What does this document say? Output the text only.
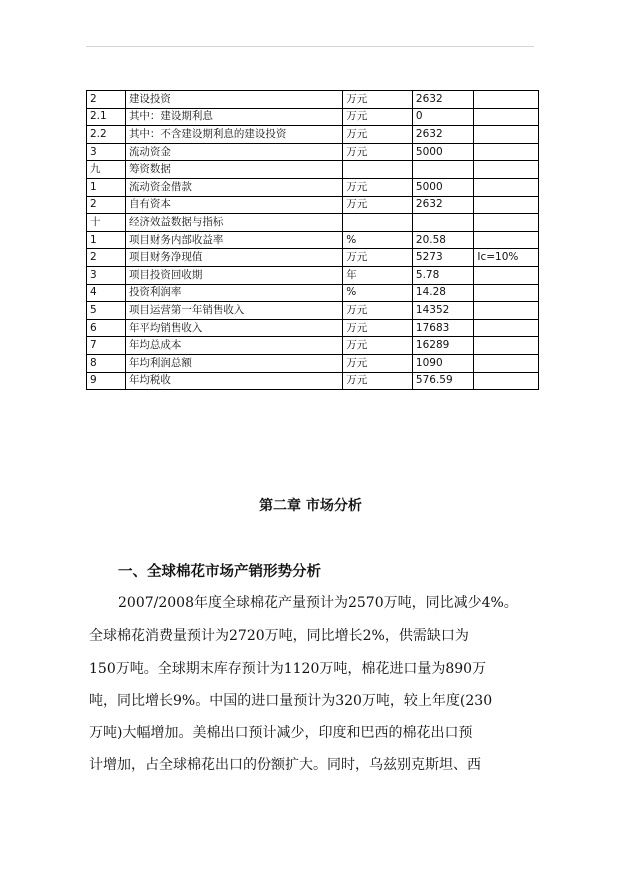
2	建设投资	万元	2632	
2.1	其中：建设期利息	万元	0	
2.2	其中：不含建设期利息的建设投资	万元	2632	
3	流动资金	万元	5000	
九	筹资数据			
1	流动资金借款	万元	5000	
2	自有资本	万元	2632	
十	经济效益数据与指标			
1	项目财务内部收益率	%	20.58	
2	项目财务净现值	万元	5273	Ic=10%
3	项目投资回收期	年	5.78	
4	投资利润率	%	14.28	
5	项目运营第一年销售收入	万元	14352	
6	年平均销售收入	万元	17683	
7	年均总成本	万元	16289	
8	年均利润总额	万元	1090	
9	年均税收	万元	576.59	
第二章 市场分析
一、全球棉花市场产销形势分析
2007/2008年度全球棉花产量预计为2570万吨，同比减少4%。
全球棉花消费量预计为2720万吨，同比增长2%，供需缺口为
150万吨。全球期末库存预计为1120万吨，棉花进口量为890万
吨，同比增长9%。中国的进口量预计为320万吨，较上年度(230
万吨)大幅增加。美棉出口预计减少，印度和巴西的棉花出口预
计增加，占全球棉花出口的份额扩大。同时，乌兹别克斯坦、西
